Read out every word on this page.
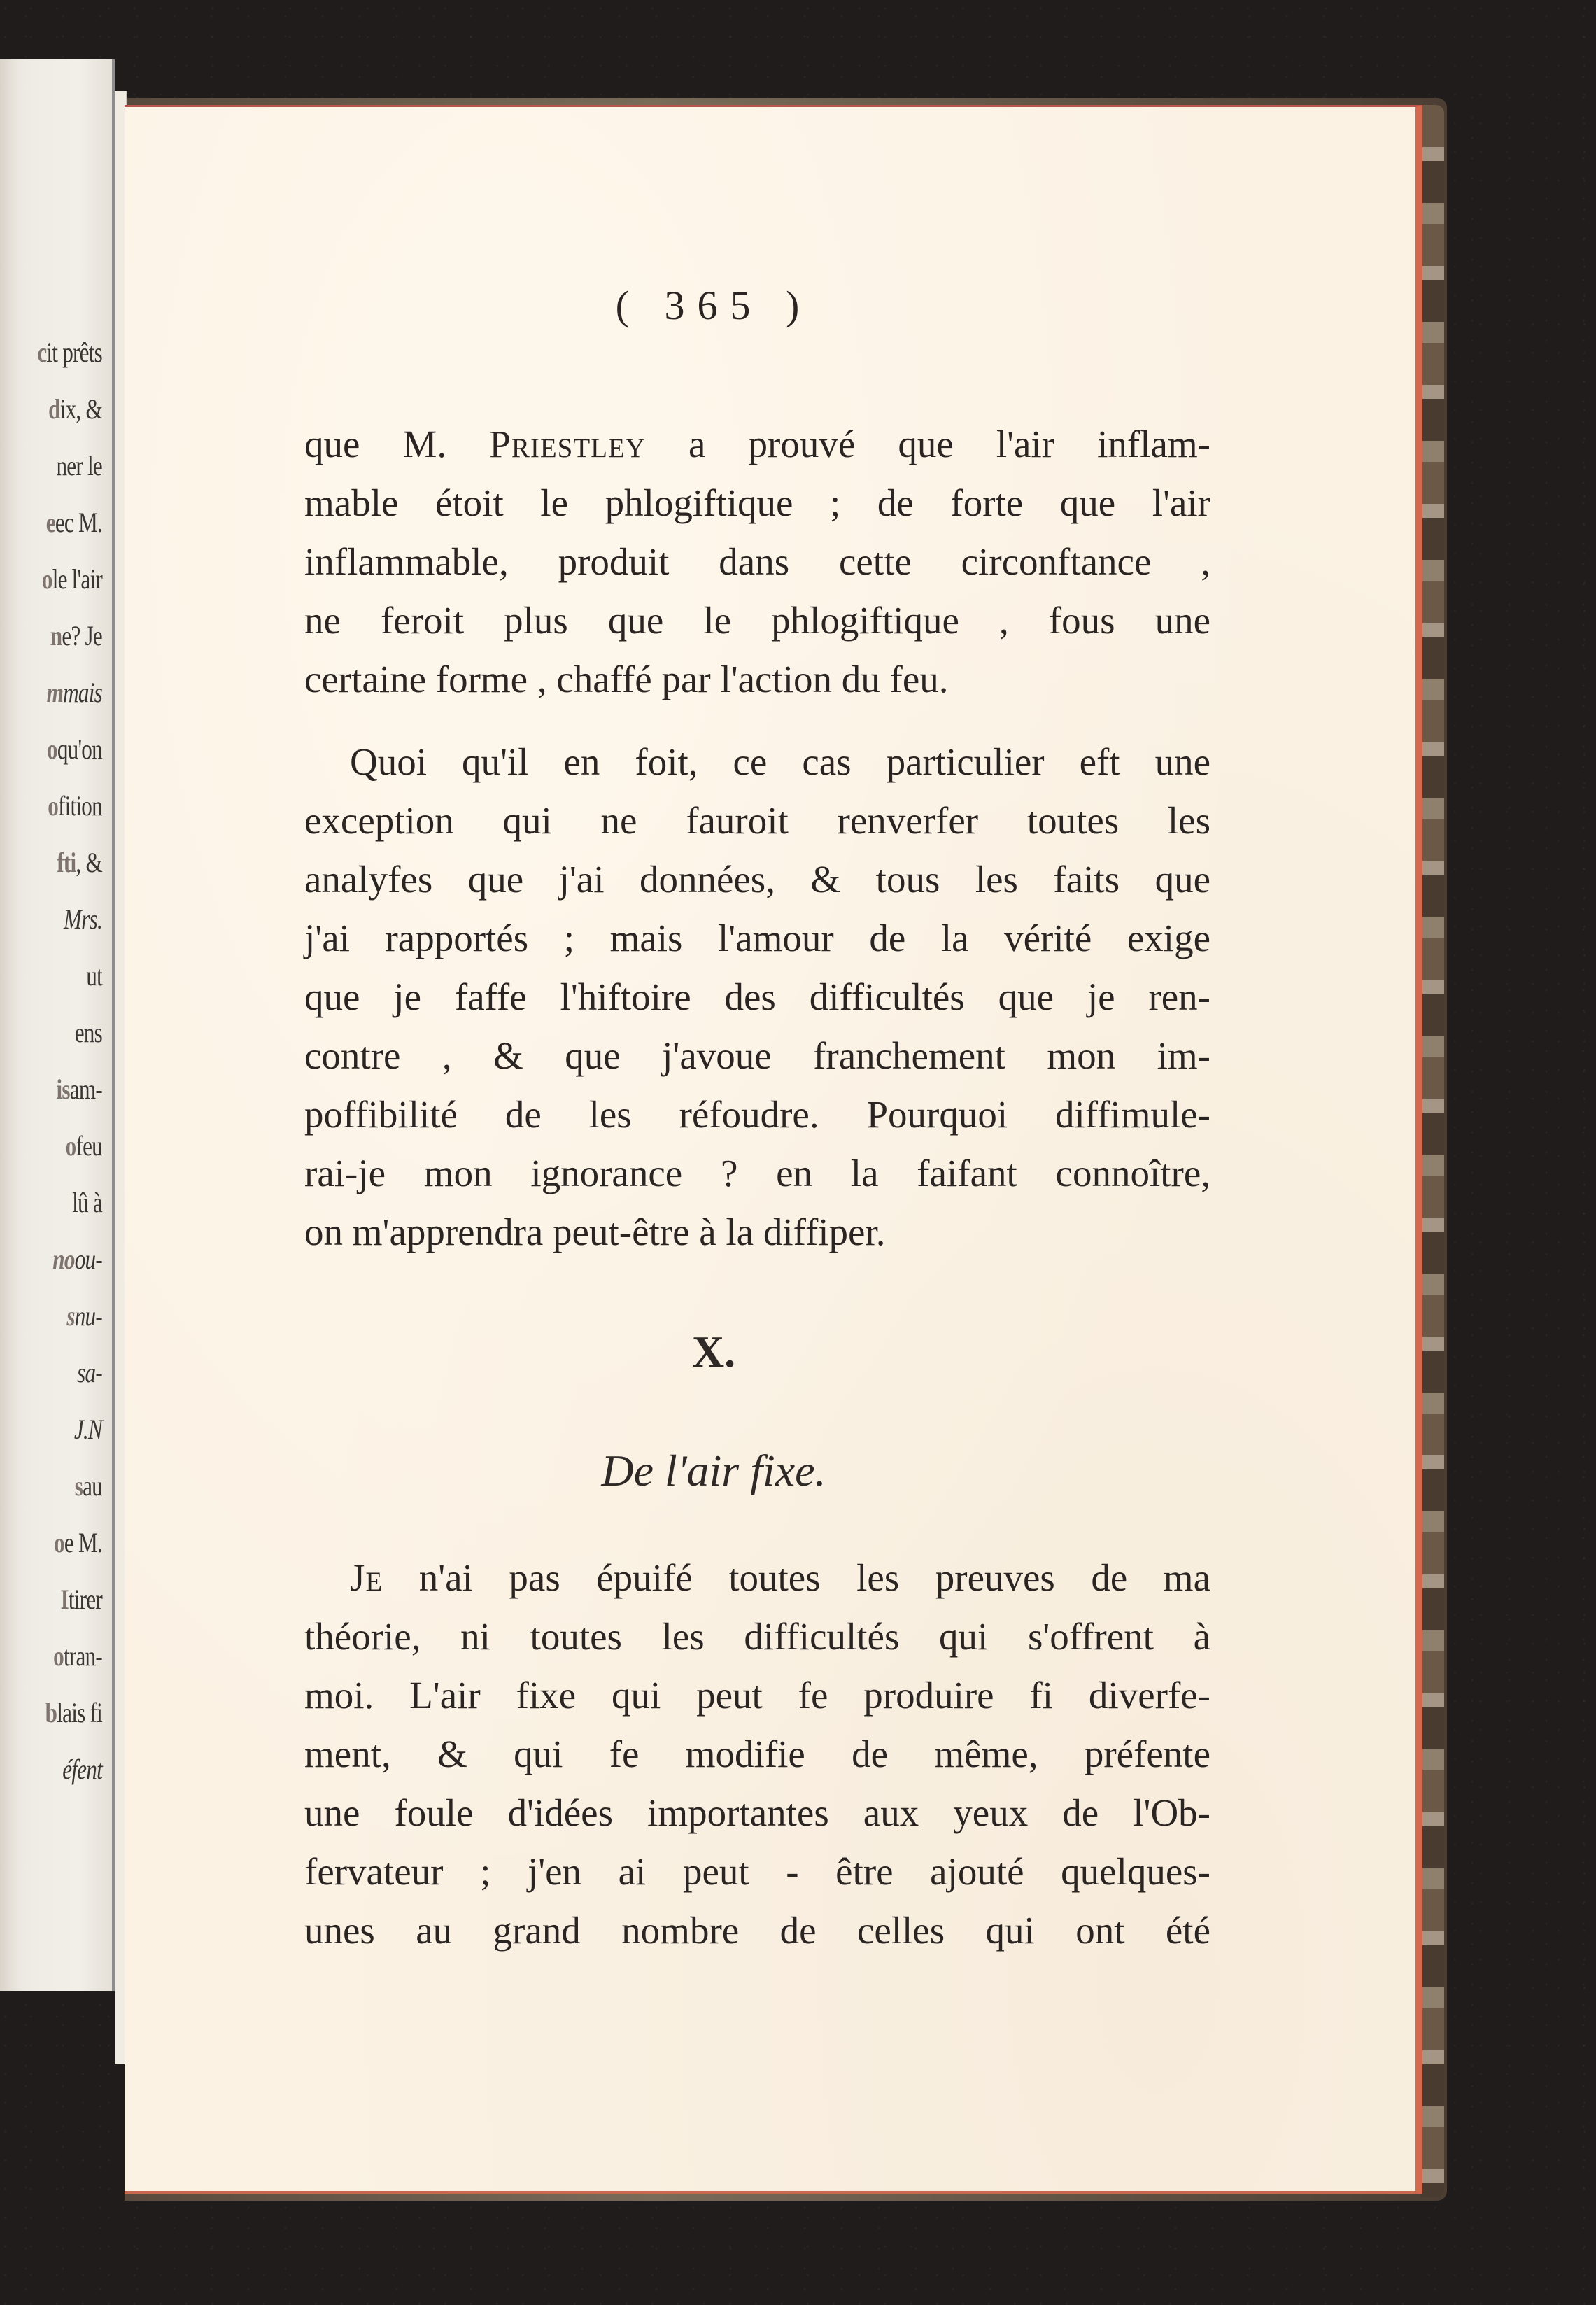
cit prêts
dix, &
ner le
eec M.
ole l'air
ne? Je
mmais
oqu'on
ofition
fti, &
Mrs.
ut
ens
isam-
ofeu
lû à
noou-
snu-
sa-
J.N
sau
oe M.
Itirer
otran-
blais fi
éfent
( 365 )
que M. Priestley a prouvé que l'air inflam-
mable étoit le phlogiftique ; de forte que l'air
inflammable, produit dans cette circonftance ,
ne feroit plus que le phlogiftique , fous une
certaine forme , chaffé par l'action du feu.
Quoi qu'il en foit, ce cas particulier eft une
exception qui ne fauroit renverfer toutes les
analyfes que j'ai données, & tous les faits que
j'ai rapportés ; mais l'amour de la vérité exige
que je faffe l'hiftoire des difficultés que je ren-
contre , & que j'avoue franchement mon im-
poffibilité de les réfoudre. Pourquoi diffimule-
rai-je mon ignorance ? en la faifant connoître,
on m'apprendra peut-être à la diffiper.
X.
De l'air fixe.
Je n'ai pas épuifé toutes les preuves de ma
théorie, ni toutes les difficultés qui s'offrent à
moi. L'air fixe qui peut fe produire fi diverfe-
ment, & qui fe modifie de même, préfente
une foule d'idées importantes aux yeux de l'Ob-
fervateur ; j'en ai peut - être ajouté quelques-
unes au grand nombre de celles qui ont été
